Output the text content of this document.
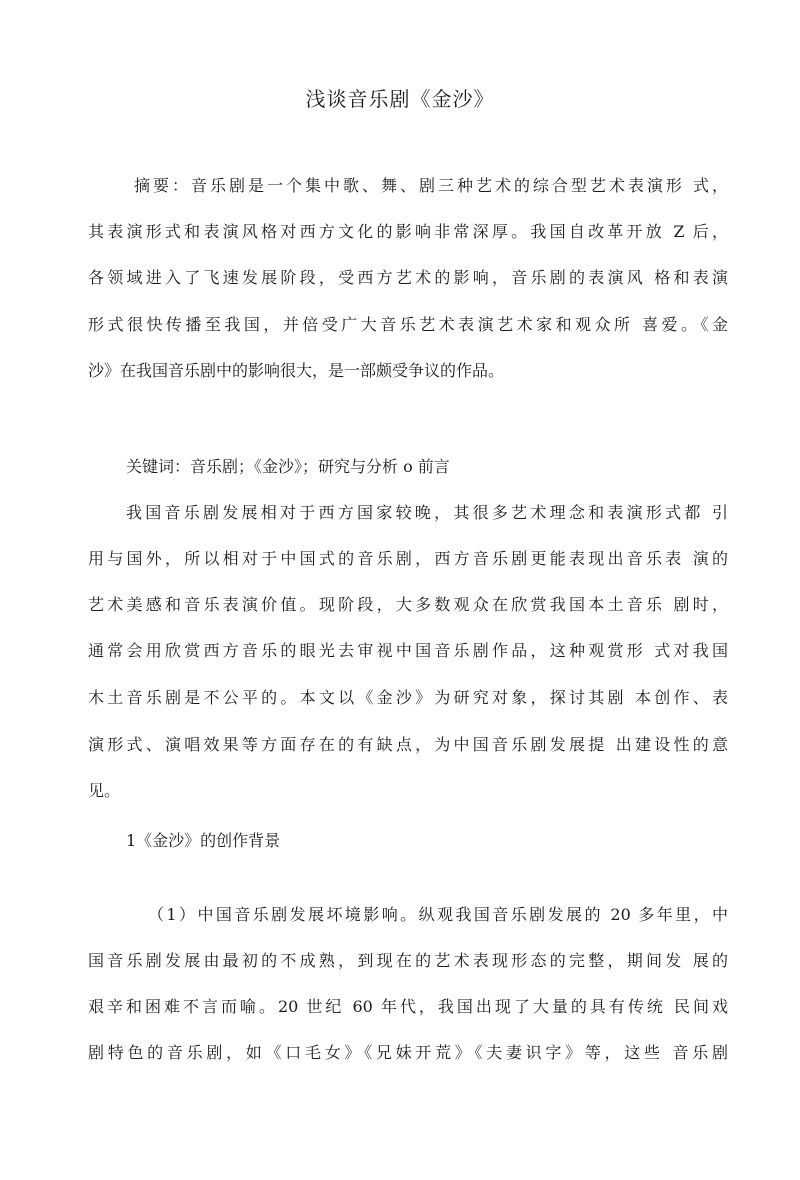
浅谈音乐剧《金沙》
摘要：音乐剧是一个集中歌、舞、剧三种艺术的综合型艺术表演形 式，
其表演形式和表演风格对西方文化的影响非常深厚。我国自改革开放 Z 后，
各领域进入了飞速发展阶段，受西方艺术的影响，音乐剧的表演风 格和表演
形式很快传播至我国，并倍受广大音乐艺术表演艺术家和观众所 喜爱。《金
沙》在我国音乐剧中的影响很大，是一部颇受争议的作品。
关键词：音乐剧；《金沙》；研究与分析 o 前言
我国音乐剧发展相对于西方国家较晚，其很多艺术理念和表演形式都 引
用与国外，所以相对于中国式的音乐剧，西方音乐剧更能表现出音乐表 演的
艺术美感和音乐表演价值。现阶段，大多数观众在欣赏我国本土音乐 剧时，
通常会用欣赏西方音乐的眼光去审视中国音乐剧作品，这种观赏形 式对我国
木土音乐剧是不公平的。本文以《金沙》为研究对象，探讨其剧 本创作、表
演形式、演唱效果等方面存在的有缺点，为中国音乐剧发展提 出建设性的意
见。
1《金沙》的创作背景
（1）中国音乐剧发展坏境影响。纵观我国音乐剧发展的 20 多年里，中
国音乐剧发展由最初的不成熟，到现在的艺术表现形态的完整，期间发 展的
艰辛和困难不言而喻。20 世纪 60 年代，我国出现了大量的具有传统 民间戏
剧特色的音乐剧，如《口毛女》《兄妹开荒》《夫妻识字》等，这些 音乐剧
